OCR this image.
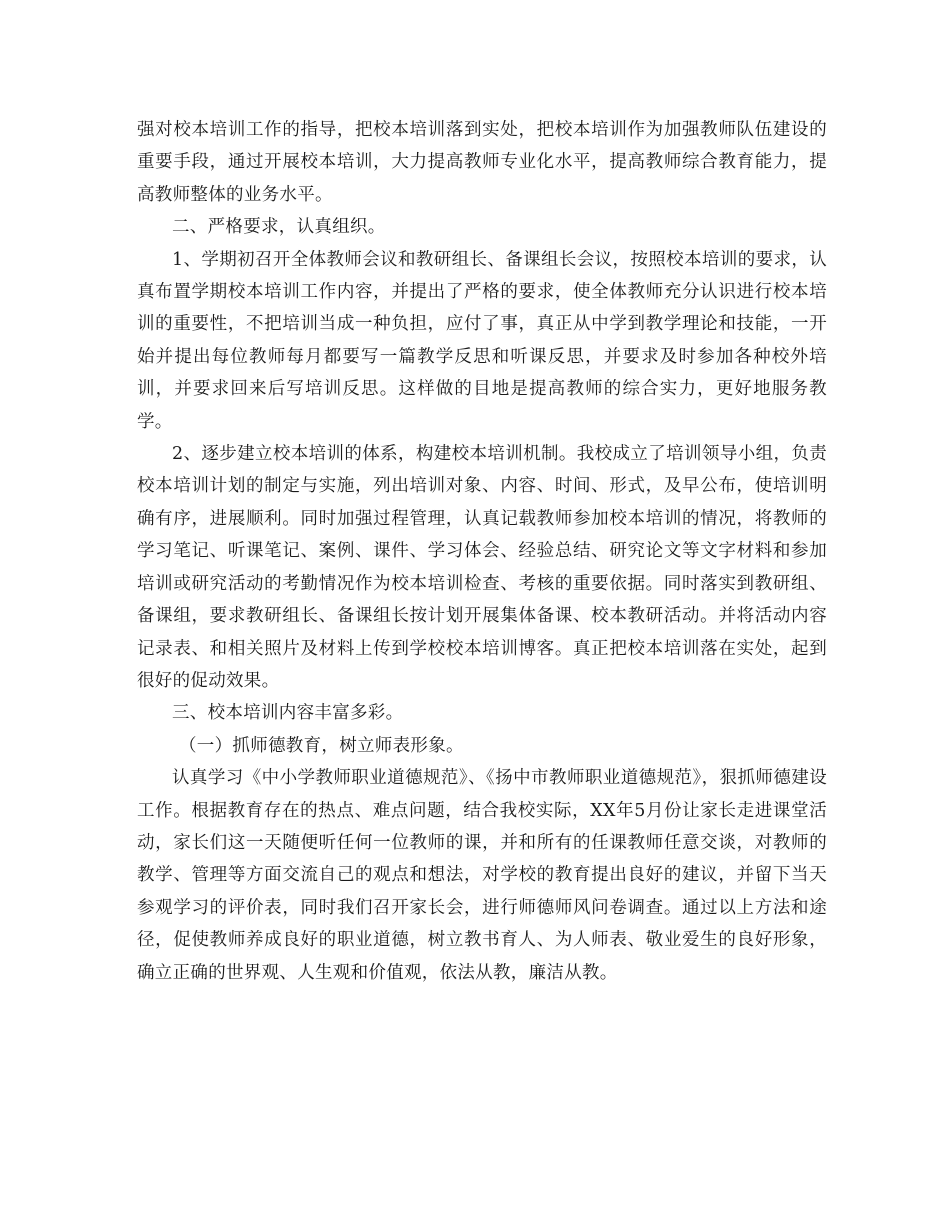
强对校本培训工作的指导，把校本培训落到实处，把校本培训作为加强教师队伍建设的重要手段，通过开展校本培训，大力提高教师专业化水平，提高教师综合教育能力，提高教师整体的业务水平。

二、严格要求，认真组织。

1、学期初召开全体教师会议和教研组长、备课组长会议，按照校本培训的要求，认真布置学期校本培训工作内容，并提出了严格的要求，使全体教师充分认识进行校本培训的重要性，不把培训当成一种负担，应付了事，真正从中学到教学理论和技能，一开始并提出每位教师每月都要写一篇教学反思和听课反思，并要求及时参加各种校外培训，并要求回来后写培训反思。这样做的目地是提高教师的综合实力，更好地服务教学。

2、逐步建立校本培训的体系，构建校本培训机制。我校成立了培训领导小组，负责校本培训计划的制定与实施，列出培训对象、内容、时间、形式，及早公布，使培训明确有序，进展顺利。同时加强过程管理，认真记载教师参加校本培训的情况，将教师的学习笔记、听课笔记、案例、课件、学习体会、经验总结、研究论文等文字材料和参加培训或研究活动的考勤情况作为校本培训检查、考核的重要依据。同时落实到教研组、备课组，要求教研组长、备课组长按计划开展集体备课、校本教研活动。并将活动内容记录表、和相关照片及材料上传到学校校本培训博客。真正把校本培训落在实处，起到很好的促动效果。

三、校本培训内容丰富多彩。

（一）抓师德教育，树立师表形象。

认真学习《中小学教师职业道德规范》、《扬中市教师职业道德规范》，狠抓师德建设工作。根据教育存在的热点、难点问题，结合我校实际，XX年5月份让家长走进课堂活动，家长们这一天随便听任何一位教师的课，并和所有的任课教师任意交谈，对教师的教学、管理等方面交流自己的观点和想法，对学校的教育提出良好的建议，并留下当天参观学习的评价表，同时我们召开家长会，进行师德师风问卷调查。通过以上方法和途径，促使教师养成良好的职业道德，树立教书育人、为人师表、敬业爱生的良好形象，确立正确的世界观、人生观和价值观，依法从教，廉洁从教。
